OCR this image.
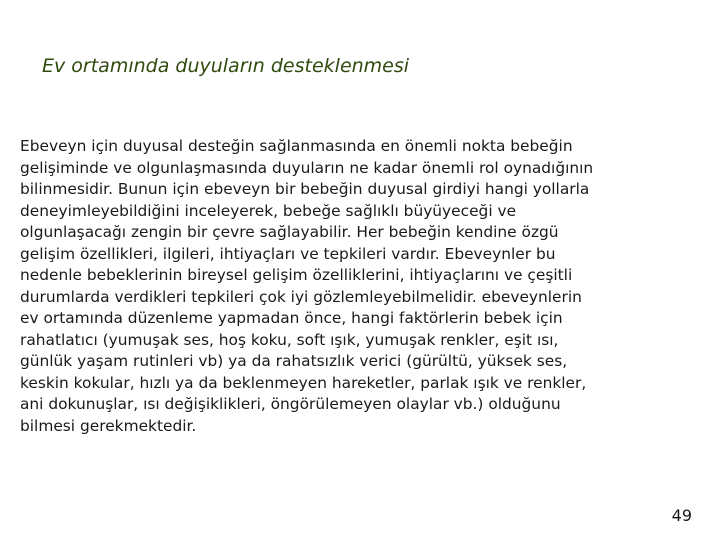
Ev ortamında duyuların desteklenmesi
Ebeveyn için duyusal desteğin sağlanmasında en önemli nokta bebeğin
gelişiminde ve olgunlaşmasında duyuların ne kadar önemli rol oynadığının
bilinmesidir. Bunun için ebeveyn bir bebeğin duyusal girdiyi hangi yollarla
deneyimleyebildiğini inceleyerek, bebeğe sağlıklı büyüyeceği ve
olgunlaşacağı zengin bir çevre sağlayabilir. Her bebeğin kendine özgü
gelişim özellikleri, ilgileri, ihtiyaçları ve tepkileri vardır. Ebeveynler bu
nedenle bebeklerinin bireysel gelişim özelliklerini, ihtiyaçlarını ve çeşitli
durumlarda verdikleri tepkileri çok iyi gözlemleyebilmelidir. ebeveynlerin
ev ortamında düzenleme yapmadan önce, hangi faktörlerin bebek için
rahatlatıcı (yumuşak ses, hoş koku, soft ışık, yumuşak renkler, eşit ısı,
günlük yaşam rutinleri vb) ya da rahatsızlık verici (gürültü, yüksek ses,
keskin kokular, hızlı ya da beklenmeyen hareketler, parlak ışık ve renkler,
ani dokunuşlar, ısı değişiklikleri, öngörülemeyen olaylar vb.) olduğunu
bilmesi gerekmektedir.
49
